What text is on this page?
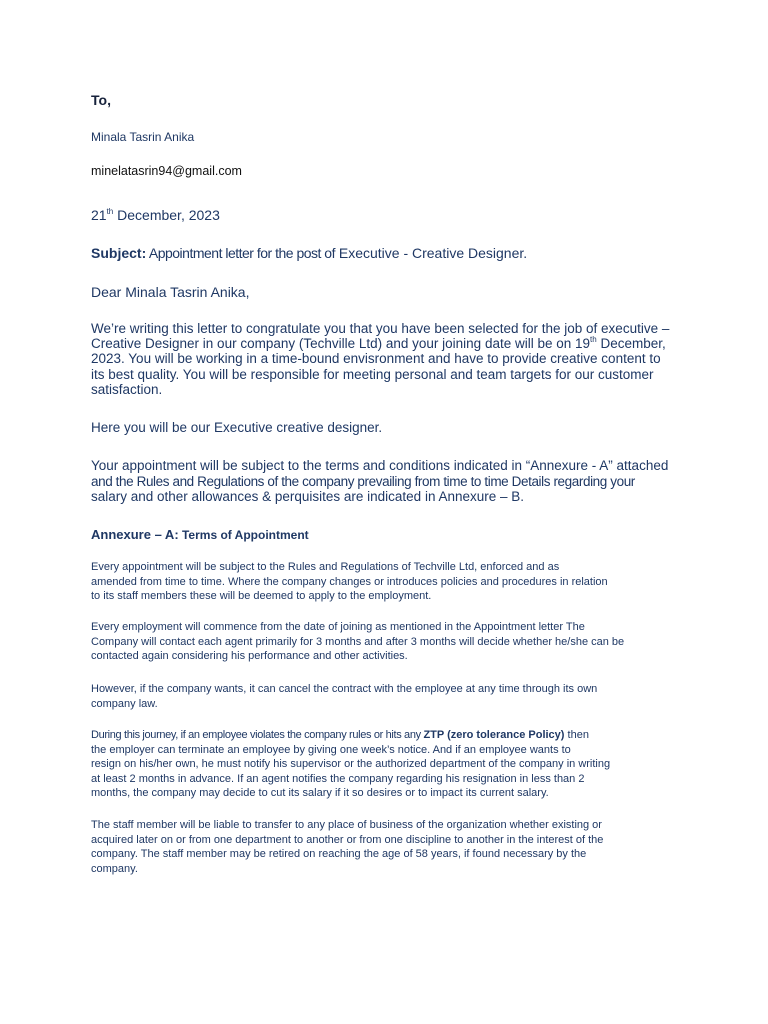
To,
Minala Tasrin Anika
minelatasrin94@gmail.com
21th December, 2023
Subject: Appointment letter for the post of Executive - Creative Designer.
Dear Minala Tasrin Anika,
We’re writing this letter to congratulate you that you have been selected for the job of executive –
Creative Designer in our company (Techville Ltd) and your joining date will be on 19th December,
2023. You will be working in a time-bound envisronment and have to provide creative content to
its best quality. You will be responsible for meeting personal and team targets for our customer
satisfaction.
Here you will be our Executive creative designer.
Your appointment will be subject to the terms and conditions indicated in “Annexure - A” attached
and the Rules and Regulations of the company prevailing from time to time Details regarding your
salary and other allowances & perquisites are indicated in Annexure – B.
Annexure – A: Terms of Appointment
Every appointment will be subject to the Rules and Regulations of Techville Ltd, enforced and as
amended from time to time. Where the company changes or introduces policies and procedures in relation
to its staff members these will be deemed to apply to the employment.
Every employment will commence from the date of joining as mentioned in the Appointment letter The
Company will contact each agent primarily for 3 months and after 3 months will decide whether he/she can be
contacted again considering his performance and other activities.
However, if the company wants, it can cancel the contract with the employee at any time through its own
company law.
During this journey, if an employee violates the company rules or hits any ZTP (zero tolerance Policy) then
the employer can terminate an employee by giving one week’s notice. And if an employee wants to
resign on his/her own, he must notify his supervisor or the authorized department of the company in writing
at least 2 months in advance. If an agent notifies the company regarding his resignation in less than 2
months, the company may decide to cut its salary if it so desires or to impact its current salary.
The staff member will be liable to transfer to any place of business of the organization whether existing or
acquired later on or from one department to another or from one discipline to another in the interest of the
company. The staff member may be retired on reaching the age of 58 years, if found necessary by the
company.
